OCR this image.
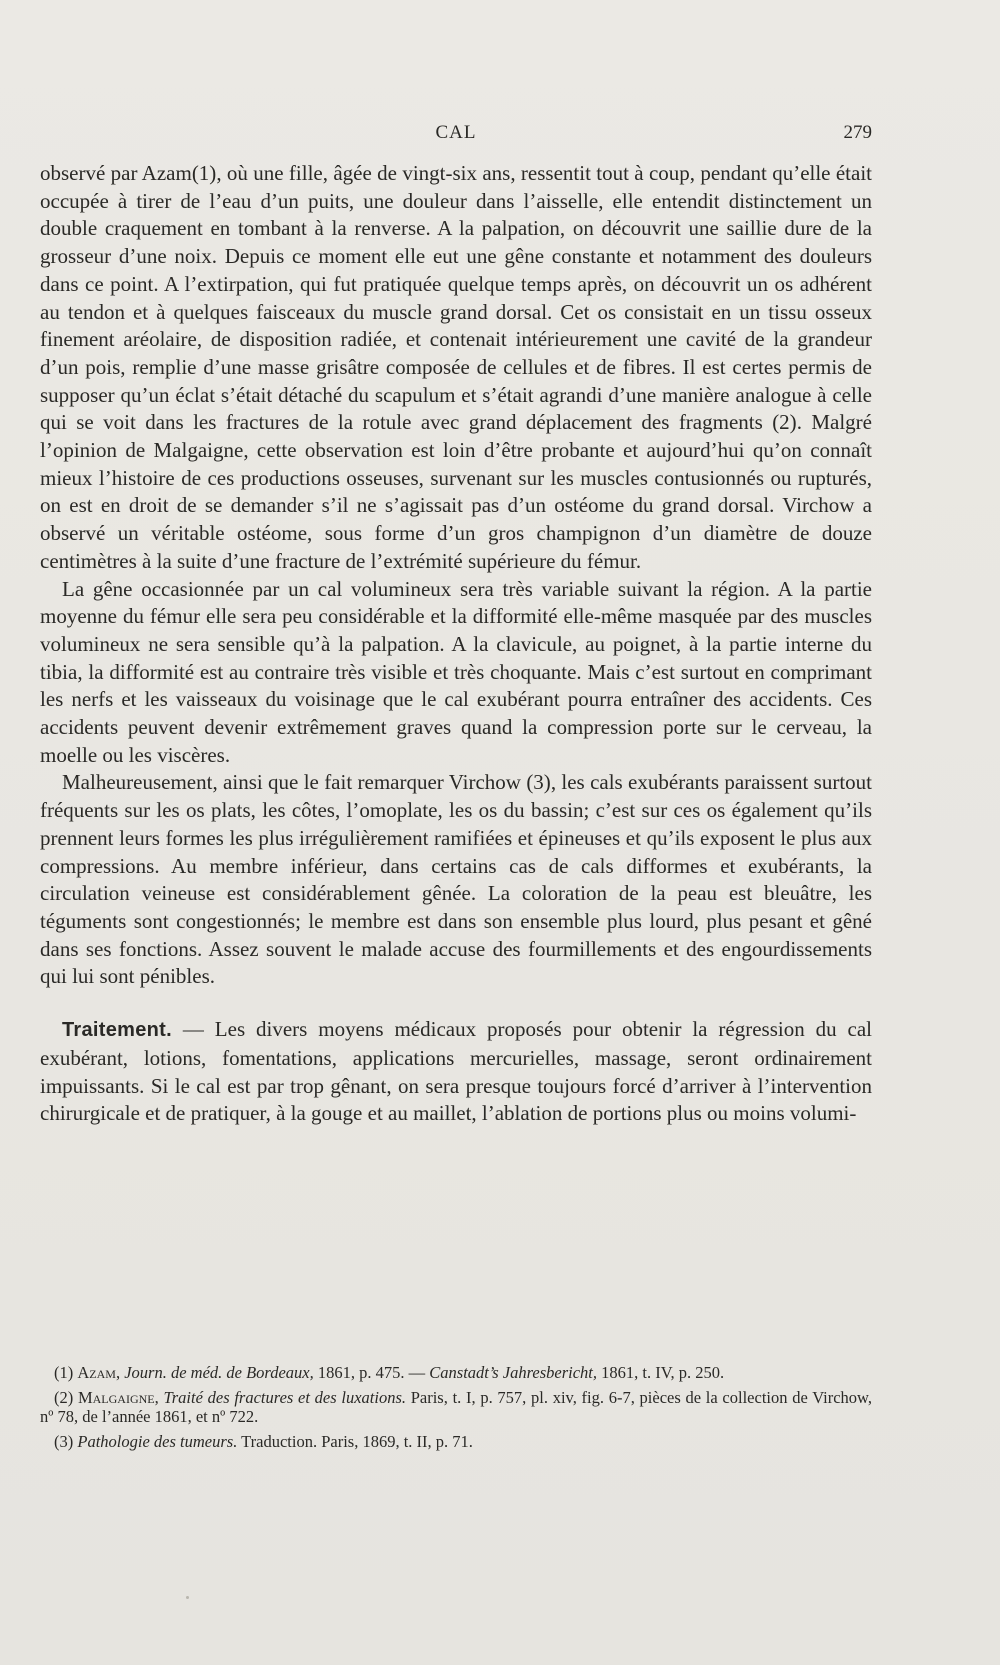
CAL	279

observé par Azam(1), où une fille, âgée de vingt-six ans, ressentit tout à coup, pendant qu’elle était occupée à tirer de l’eau d’un puits, une douleur dans l’aisselle, elle entendit distinctement un double craquement en tombant à la renverse. A la palpation, on découvrit une saillie dure de la grosseur d’une noix. Depuis ce moment elle eut une gêne constante et notamment des douleurs dans ce point. A l’extirpation, qui fut pratiquée quelque temps après, on découvrit un os adhérent au tendon et à quelques faisceaux du muscle grand dorsal. Cet os consistait en un tissu osseux finement aréolaire, de disposition radiée, et contenait intérieurement une cavité de la grandeur d’un pois, remplie d’une masse grisâtre composée de cellules et de fibres. Il est certes permis de supposer qu’un éclat s’était détaché du scapulum et s’était agrandi d’une manière analogue à celle qui se voit dans les fractures de la rotule avec grand déplacement des fragments (2). Malgré l’opinion de Malgaigne, cette observation est loin d’être probante et aujourd’hui qu’on connaît mieux l’histoire de ces productions osseuses, survenant sur les muscles contusionnés ou rupturés, on est en droit de se demander s’il ne s’agissait pas d’un ostéome du grand dorsal. Virchow a observé un véritable ostéome, sous forme d’un gros champignon d’un diamètre de douze centimètres à la suite d’une fracture de l’extrémité supérieure du fémur.

La gêne occasionnée par un cal volumineux sera très variable suivant la région. A la partie moyenne du fémur elle sera peu considérable et la difformité elle-même masquée par des muscles volumineux ne sera sensible qu’à la palpation. A la clavicule, au poignet, à la partie interne du tibia, la difformité est au contraire très visible et très choquante. Mais c’est surtout en comprimant les nerfs et les vaisseaux du voisinage que le cal exubérant pourra entraîner des accidents. Ces accidents peuvent devenir extrêmement graves quand la compression porte sur le cerveau, la moelle ou les viscères.

Malheureusement, ainsi que le fait remarquer Virchow (3), les cals exubérants paraissent surtout fréquents sur les os plats, les côtes, l’omoplate, les os du bassin; c’est sur ces os également qu’ils prennent leurs formes les plus irrégulièrement ramifiées et épineuses et qu’ils exposent le plus aux compressions. Au membre inférieur, dans certains cas de cals difformes et exubérants, la circulation veineuse est considérablement gênée. La coloration de la peau est bleuâtre, les téguments sont congestionnés; le membre est dans son ensemble plus lourd, plus pesant et gêné dans ses fonctions. Assez souvent le malade accuse des fourmillements et des engourdissements qui lui sont pénibles.

Traitement. — Les divers moyens médicaux proposés pour obtenir la régression du cal exubérant, lotions, fomentations, applications mercurielles, massage, seront ordinairement impuissants. Si le cal est par trop gênant, on sera presque toujours forcé d’arriver à l’intervention chirurgicale et de pratiquer, à la gouge et au maillet, l’ablation de portions plus ou moins volumi-

(1) Azam, Journ. de méd. de Bordeaux, 1861, p. 475. — Canstadt’s Jahresbericht, 1861, t. IV, p. 250.

(2) Malgaigne, Traité des fractures et des luxations. Paris, t. I, p. 757, pl. xiv, fig. 6-7, pièces de la collection de Virchow, nº 78, de l’année 1861, et nº 722.

(3) Pathologie des tumeurs. Traduction. Paris, 1869, t. II, p. 71.
